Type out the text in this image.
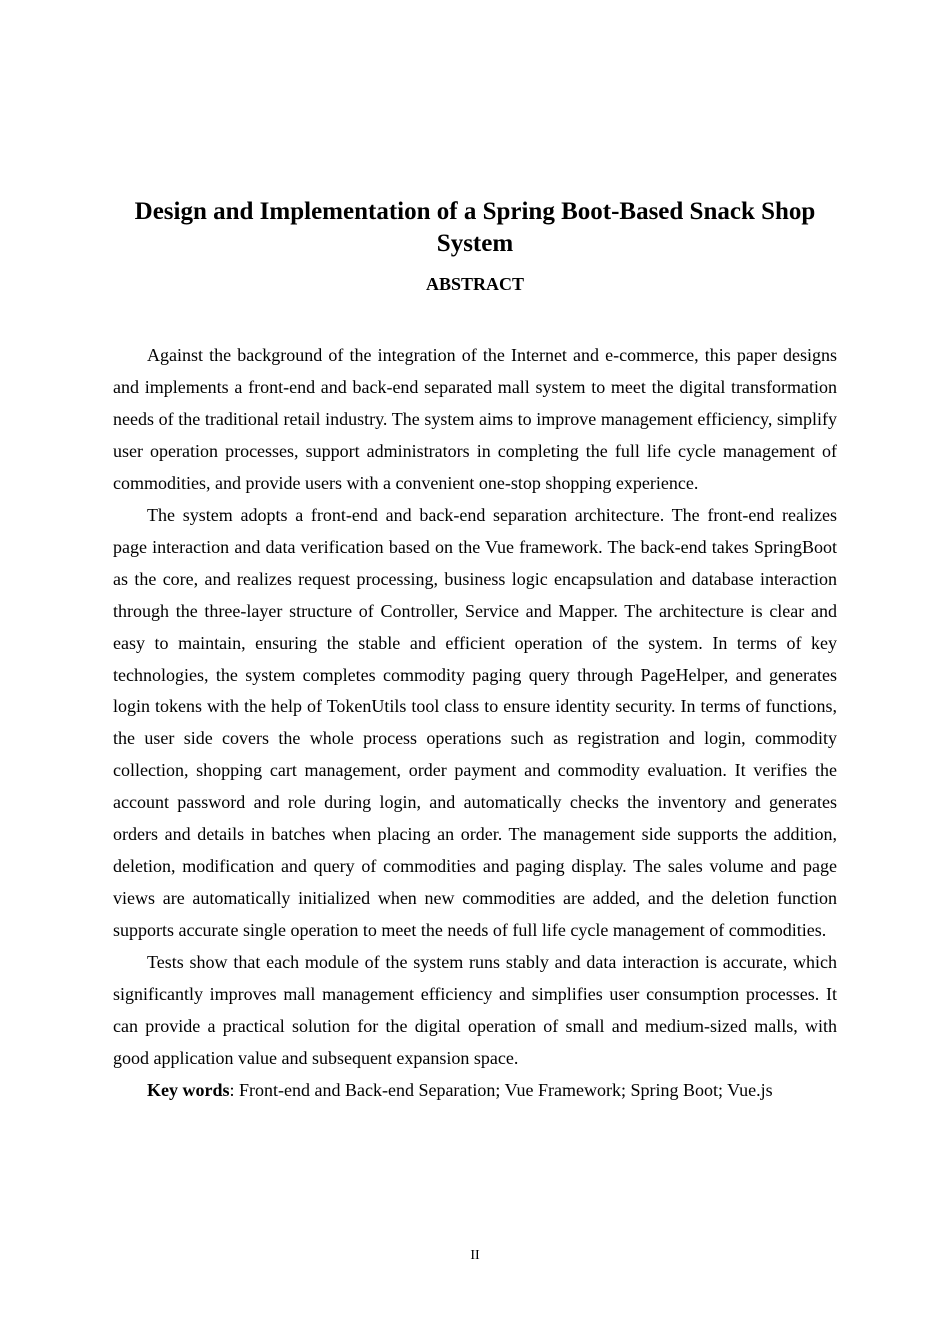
Design and Implementation of a Spring Boot-Based Snack Shop System
ABSTRACT

Against the background of the integration of the Internet and e-commerce, this paper designs and implements a front-end and back-end separated mall system to meet the digital transformation needs of the traditional retail industry. The system aims to improve management efficiency, simplify user operation processes, support administrators in completing the full life cycle management of commodities, and provide users with a convenient one-stop shopping experience.

The system adopts a front-end and back-end separation architecture. The front-end realizes page interaction and data verification based on the Vue framework. The back-end takes SpringBoot as the core, and realizes request processing, business logic encapsulation and database interaction through the three-layer structure of Controller, Service and Mapper. The architecture is clear and easy to maintain, ensuring the stable and efficient operation of the system. In terms of key technologies, the system completes commodity paging query through PageHelper, and generates login tokens with the help of TokenUtils tool class to ensure identity security. In terms of functions, the user side covers the whole process operations such as registration and login, commodity collection, shopping cart management, order payment and commodity evaluation. It verifies the account password and role during login, and automatically checks the inventory and generates orders and details in batches when placing an order. The management side supports the addition, deletion, modification and query of commodities and paging display. The sales volume and page views are automatically initialized when new commodities are added, and the deletion function supports accurate single operation to meet the needs of full life cycle management of commodities.

Tests show that each module of the system runs stably and data interaction is accurate, which significantly improves mall management efficiency and simplifies user consumption processes. It can provide a practical solution for the digital operation of small and medium-sized malls, with good application value and subsequent expansion space.

Key words: Front-end and Back-end Separation; Vue Framework; Spring Boot; Vue.js

II
